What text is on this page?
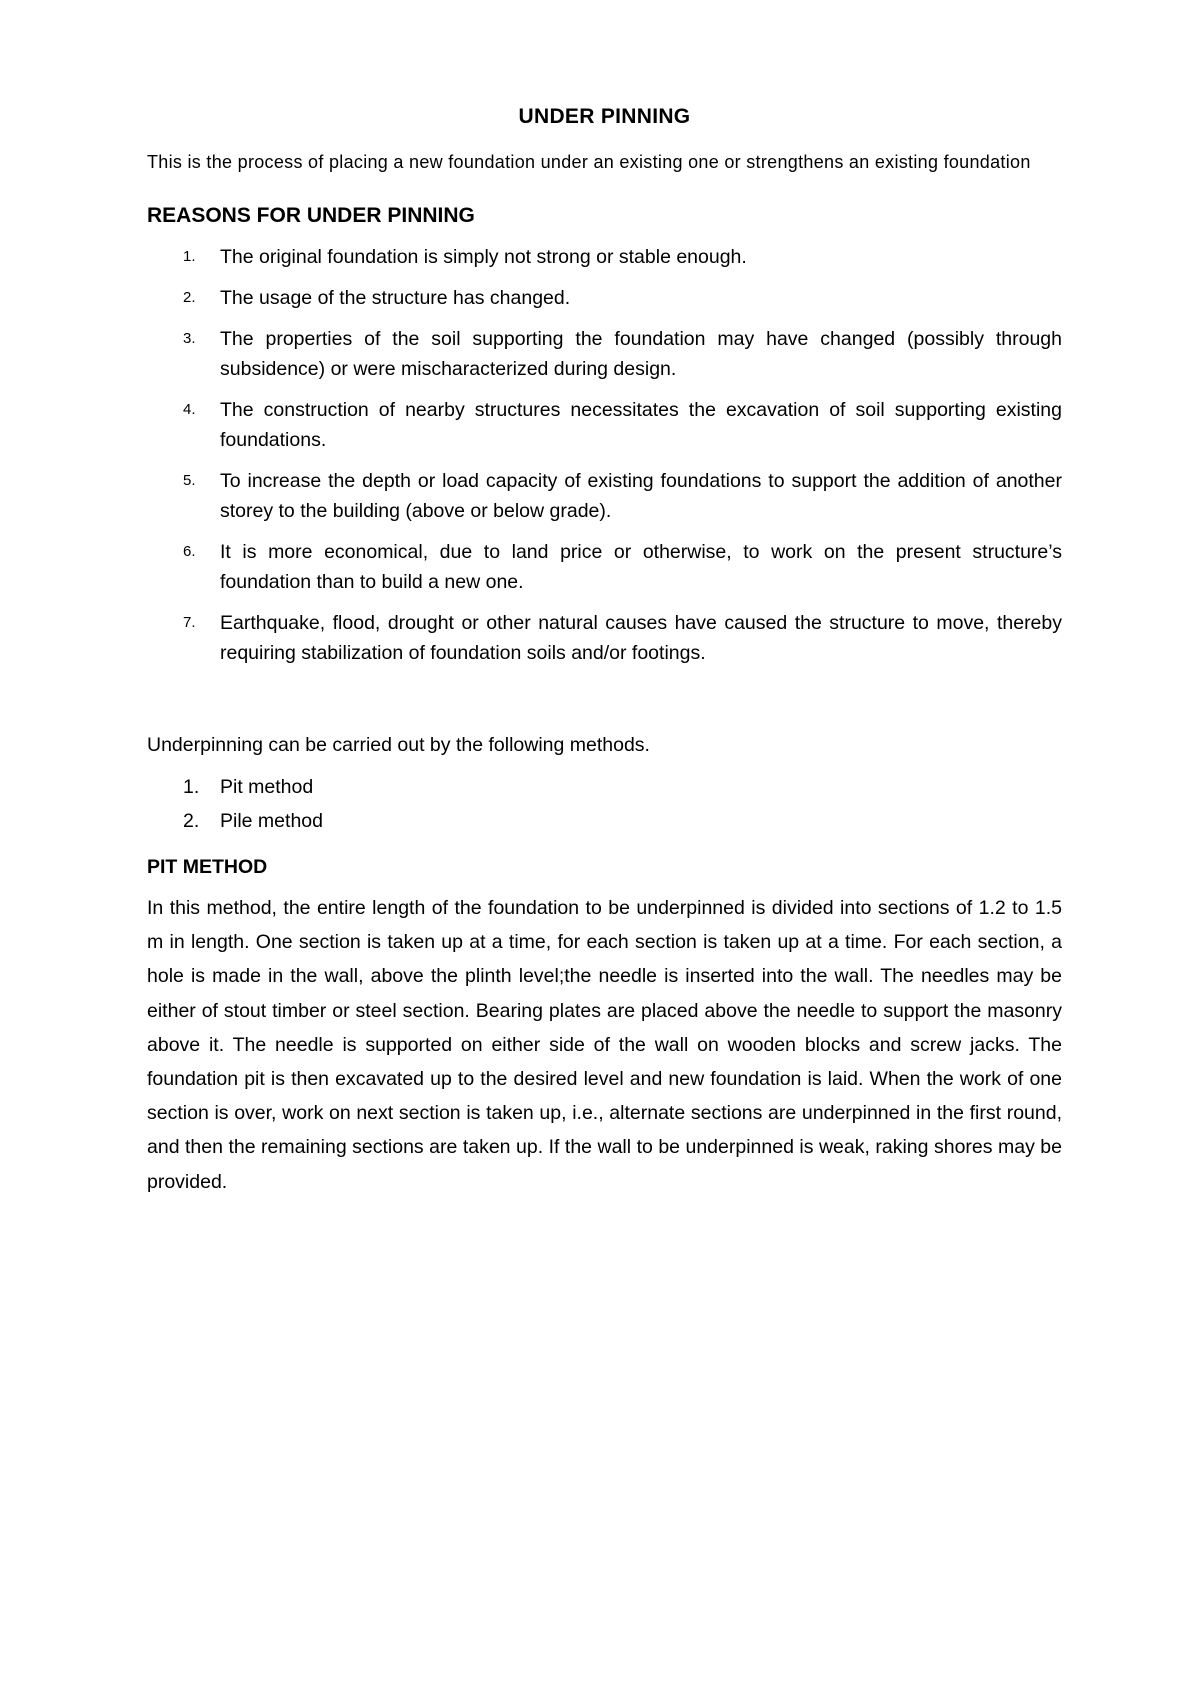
UNDER PINNING

This is the process of placing a new foundation under an existing one or strengthens an existing foundation

REASONS FOR UNDER PINNING
1. The original foundation is simply not strong or stable enough.
2. The usage of the structure has changed.
3. The properties of the soil supporting the foundation may have changed (possibly through subsidence) or were mischaracterized during design.
4. The construction of nearby structures necessitates the excavation of soil supporting existing foundations.
5. To increase the depth or load capacity of existing foundations to support the addition of another storey to the building (above or below grade).
6. It is more economical, due to land price or otherwise, to work on the present structure’s foundation than to build a new one.
7. Earthquake, flood, drought or other natural causes have caused the structure to move, thereby requiring stabilization of foundation soils and/or footings.

Underpinning can be carried out by the following methods.

1. Pit method
2. Pile method
PIT METHOD

In this method, the entire length of the foundation to be underpinned is divided into sections of 1.2 to 1.5 m in length. One section is taken up at a time, for each section is taken up at a time. For each section, a hole is made in the wall, above the plinth level;the needle is inserted into the wall. The needles may be either of stout timber or steel section. Bearing plates are placed above the needle to support the masonry above it. The needle is supported on either side of the wall on wooden blocks and screw jacks. The foundation pit is then excavated up to the desired level and new foundation is laid. When the work of one section is over, work on next section is taken up, i.e., alternate sections are underpinned in the first round, and then the remaining sections are taken up. If the wall to be underpinned is weak, raking shores may be provided.
